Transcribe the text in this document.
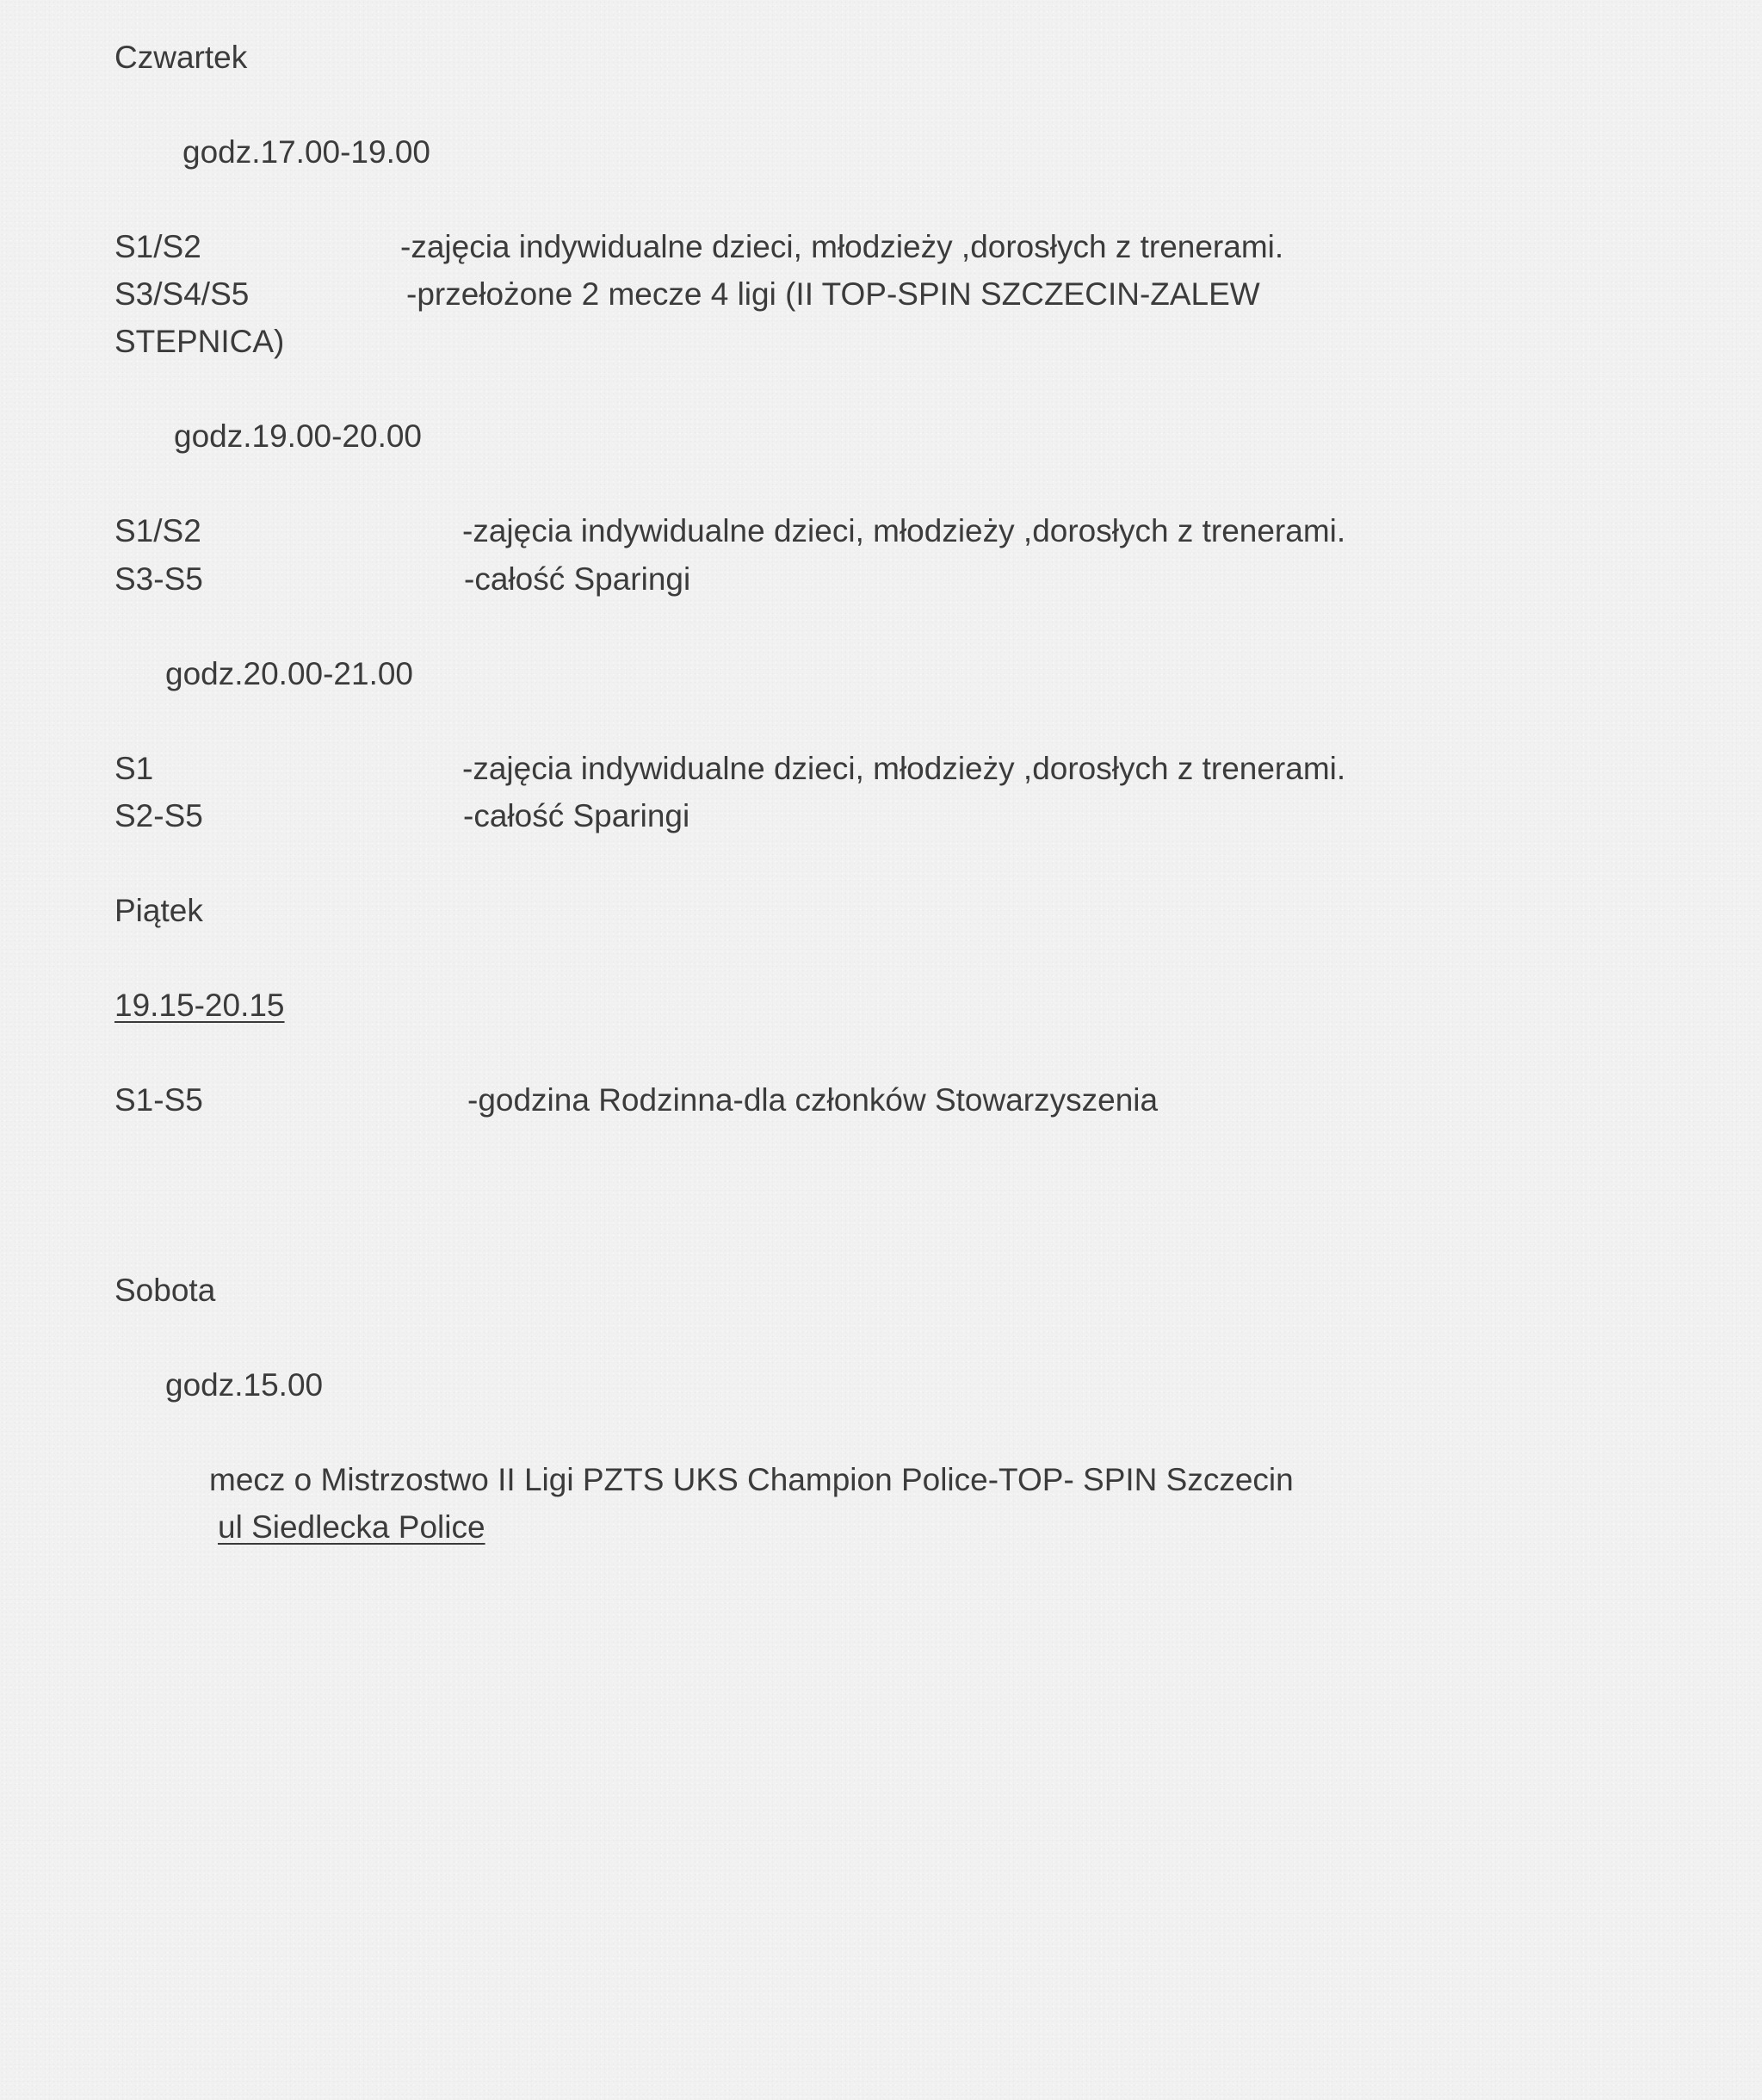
Czwartek
godz.17.00-19.00
S1/S2	-zajęcia indywidualne dzieci, młodzieży ,dorosłych z trenerami.
S3/S4/S5	-przełożone 2 mecze 4 ligi (II TOP-SPIN SZCZECIN-ZALEW
STEPNICA)
godz.19.00-20.00
S1/S2	-zajęcia indywidualne dzieci, młodzieży ,dorosłych z trenerami.
S3-S5	-całość Sparingi
godz.20.00-21.00
S1	-zajęcia indywidualne dzieci, młodzieży ,dorosłych z trenerami.
S2-S5	-całość Sparingi
Piątek
19.15-20.15
S1-S5	-godzina Rodzinna-dla członków Stowarzyszenia
Sobota
godz.15.00
mecz o Mistrzostwo II Ligi PZTS UKS Champion Police-TOP- SPIN Szczecin
ul Siedlecka Police
